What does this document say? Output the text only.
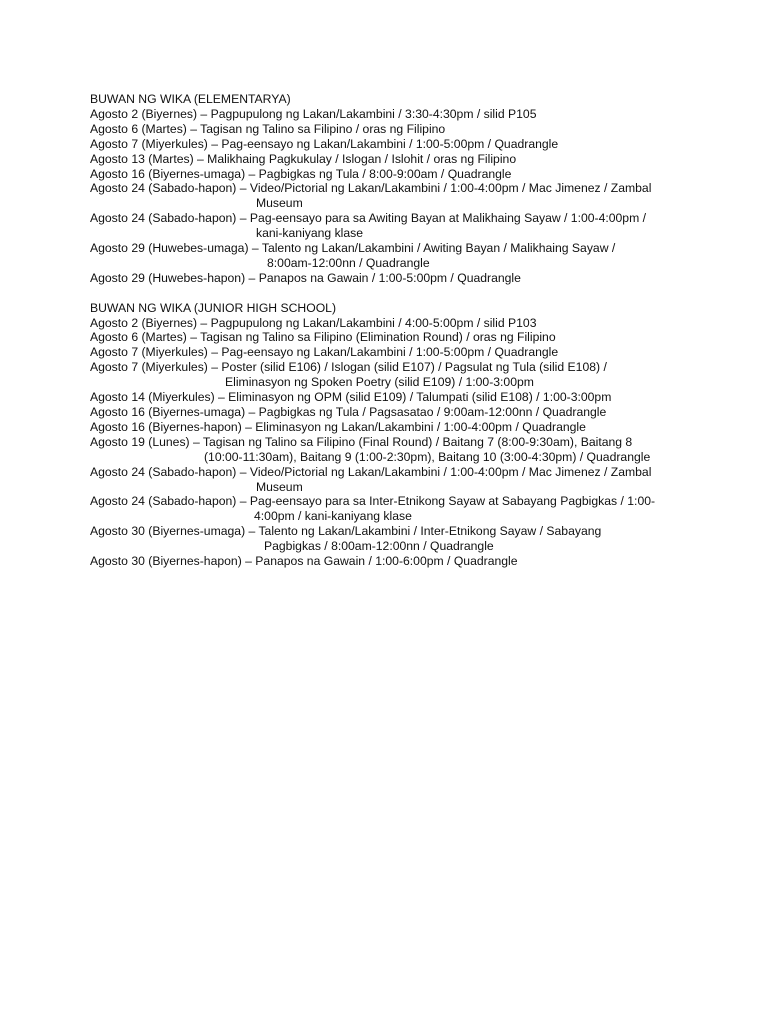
BUWAN NG WIKA (ELEMENTARYA)
Agosto 2 (Biyernes) – Pagpupulong ng Lakan/Lakambini / 3:30-4:30pm / silid P105
Agosto 6 (Martes) – Tagisan ng Talino sa Filipino / oras ng Filipino
Agosto 7 (Miyerkules) – Pag-eensayo ng Lakan/Lakambini / 1:00-5:00pm / Quadrangle
Agosto 13 (Martes) – Malikhaing Pagkukulay / Islogan / Islohit / oras ng Filipino
Agosto 16 (Biyernes-umaga) – Pagbigkas ng Tula / 8:00-9:00am / Quadrangle
Agosto 24 (Sabado-hapon) – Video/Pictorial ng Lakan/Lakambini / 1:00-4:00pm / Mac Jimenez / Zambal
Museum
Agosto 24 (Sabado-hapon) – Pag-eensayo para sa Awiting Bayan at Malikhaing Sayaw / 1:00-4:00pm /
kani-kaniyang klase
Agosto 29 (Huwebes-umaga) – Talento ng Lakan/Lakambini / Awiting Bayan / Malikhaing Sayaw /
8:00am-12:00nn / Quadrangle
Agosto 29 (Huwebes-hapon) – Panapos na Gawain / 1:00-5:00pm / Quadrangle
BUWAN NG WIKA (JUNIOR HIGH SCHOOL)
Agosto 2 (Biyernes) – Pagpupulong ng Lakan/Lakambini / 4:00-5:00pm / silid P103
Agosto 6 (Martes) – Tagisan ng Talino sa Filipino (Elimination Round) / oras ng Filipino
Agosto 7 (Miyerkules) – Pag-eensayo ng Lakan/Lakambini / 1:00-5:00pm / Quadrangle
Agosto 7 (Miyerkules) – Poster (silid E106) / Islogan (silid E107) / Pagsulat ng Tula (silid E108) /
Eliminasyon ng Spoken Poetry (silid E109) / 1:00-3:00pm
Agosto 14 (Miyerkules) – Eliminasyon ng OPM (silid E109) / Talumpati (silid E108) / 1:00-3:00pm
Agosto 16 (Biyernes-umaga) – Pagbigkas ng Tula / Pagsasatao / 9:00am-12:00nn / Quadrangle
Agosto 16 (Biyernes-hapon) – Eliminasyon ng Lakan/Lakambini / 1:00-4:00pm / Quadrangle
Agosto 19 (Lunes) – Tagisan ng Talino sa Filipino (Final Round) / Baitang 7 (8:00-9:30am), Baitang 8
(10:00-11:30am), Baitang 9 (1:00-2:30pm), Baitang 10 (3:00-4:30pm) / Quadrangle
Agosto 24 (Sabado-hapon) – Video/Pictorial ng Lakan/Lakambini / 1:00-4:00pm / Mac Jimenez / Zambal
Museum
Agosto 24 (Sabado-hapon) – Pag-eensayo para sa Inter-Etnikong Sayaw at Sabayang Pagbigkas / 1:00-
4:00pm / kani-kaniyang klase
Agosto 30 (Biyernes-umaga) – Talento ng Lakan/Lakambini / Inter-Etnikong Sayaw / Sabayang
Pagbigkas / 8:00am-12:00nn / Quadrangle
Agosto 30 (Biyernes-hapon) – Panapos na Gawain / 1:00-6:00pm / Quadrangle
